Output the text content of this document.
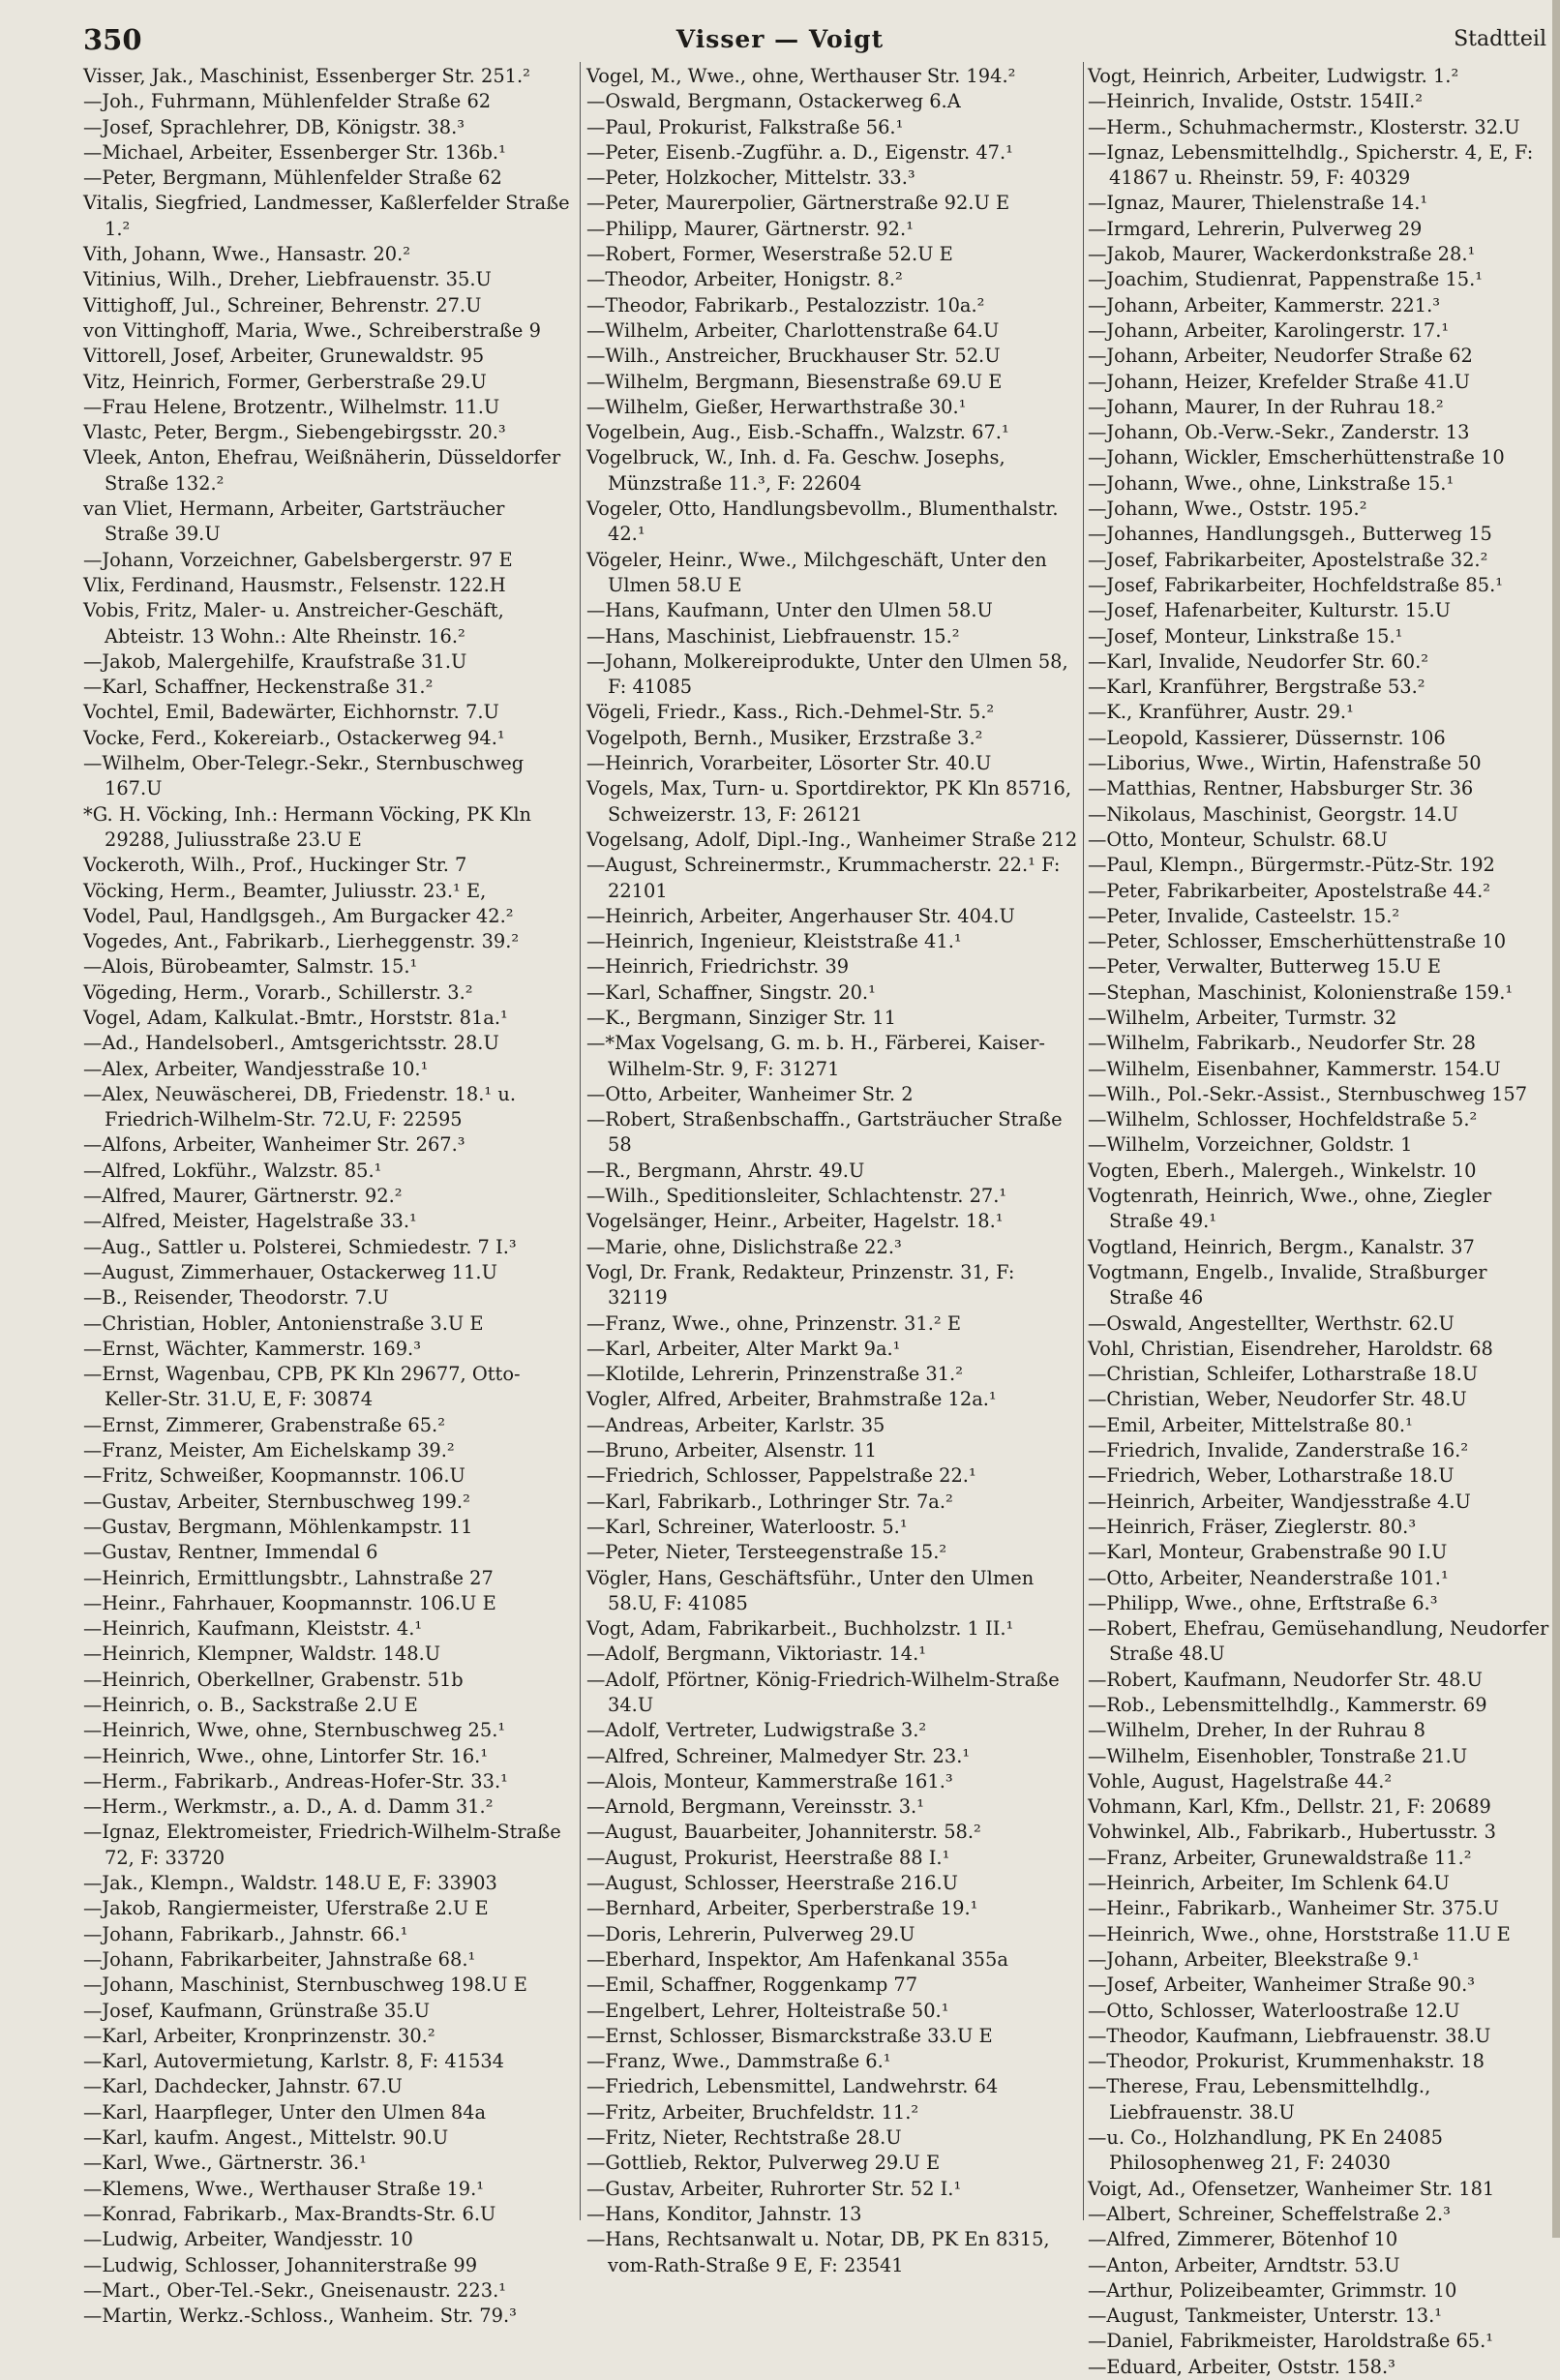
350	Visser — Voigt	Stadtteil

Visser, Jak., Maschinist, Essenberger Str. 251.²

—Joh., Fuhrmann, Mühlenfelder Straße 62

—Josef, Sprachlehrer, DB, Königstr. 38.³

—Michael, Arbeiter, Essenberger Str. 136b.¹

—Peter, Bergmann, Mühlenfelder Straße 62

Vitalis, Siegfried, Landmesser, Kaßlerfelder Straße 1.²

Vith, Johann, Wwe., Hansastr. 20.²

Vitinius, Wilh., Dreher, Liebfrauenstr. 35.U

Vittighoff, Jul., Schreiner, Behrenstr. 27.U

von Vittinghoff, Maria, Wwe., Schreiberstraße 9

Vittorell, Josef, Arbeiter, Grunewaldstr. 95

Vitz, Heinrich, Former, Gerberstraße 29.U

—Frau Helene, Brotzentr., Wilhelmstr. 11.U

Vlastc, Peter, Bergm., Siebengebirgsstr. 20.³

Vleek, Anton, Ehefrau, Weißnäherin, Düsseldorfer Straße 132.²

van Vliet, Hermann, Arbeiter, Gartsträucher Straße 39.U

—Johann, Vorzeichner, Gabelsbergerstr. 97 E

Vlix, Ferdinand, Hausmstr., Felsenstr. 122.H

Vobis, Fritz, Maler- u. Anstreicher-Geschäft, Abteistr. 13 Wohn.: Alte Rheinstr. 16.²

—Jakob, Malergehilfe, Kraufstraße 31.U

—Karl, Schaffner, Heckenstraße 31.²

Vochtel, Emil, Badewärter, Eichhornstr. 7.U

Vocke, Ferd., Kokereiarb., Ostackerweg 94.¹

—Wilhelm, Ober-Telegr.-Sekr., Sternbuschweg 167.U

*G. H. Vöcking, Inh.: Hermann Vöcking, PK Kln 29288, Juliusstraße 23.U E

Vockeroth, Wilh., Prof., Huckinger Str. 7

Vöcking, Herm., Beamter, Juliusstr. 23.¹ E,

Vodel, Paul, Handlgsgeh., Am Burgacker 42.²

Vogedes, Ant., Fabrikarb., Lierheggenstr. 39.²

—Alois, Bürobeamter, Salmstr. 15.¹

Vögeding, Herm., Vorarb., Schillerstr. 3.²

Vogel, Adam, Kalkulat.-Bmtr., Horststr. 81a.¹

—Ad., Handelsoberl., Amtsgerichtsstr. 28.U

—Alex, Arbeiter, Wandjesstraße 10.¹

—Alex, Neuwäscherei, DB, Friedenstr. 18.¹ u. Friedrich-Wilhelm-Str. 72.U, F: 22595

—Alfons, Arbeiter, Wanheimer Str. 267.³

—Alfred, Lokführ., Walzstr. 85.¹

—Alfred, Maurer, Gärtnerstr. 92.²

—Alfred, Meister, Hagelstraße 33.¹

—Aug., Sattler u. Polsterei, Schmiedestr. 7 I.³

—August, Zimmerhauer, Ostackerweg 11.U

—B., Reisender, Theodorstr. 7.U

—Christian, Hobler, Antonienstraße 3.U E

—Ernst, Wächter, Kammerstr. 169.³

—Ernst, Wagenbau, CPB, PK Kln 29677, Otto-Keller-Str. 31.U, E, F: 30874

—Ernst, Zimmerer, Grabenstraße 65.²

—Franz, Meister, Am Eichelskamp 39.²

—Fritz, Schweißer, Koopmannstr. 106.U

—Gustav, Arbeiter, Sternbuschweg 199.²

—Gustav, Bergmann, Möhlenkampstr. 11

—Gustav, Rentner, Immendal 6

—Heinrich, Ermittlungsbtr., Lahnstraße 27

—Heinr., Fahrhauer, Koopmannstr. 106.U E

—Heinrich, Kaufmann, Kleiststr. 4.¹

—Heinrich, Klempner, Waldstr. 148.U

—Heinrich, Oberkellner, Grabenstr. 51b

—Heinrich, o. B., Sackstraße 2.U E

—Heinrich, Wwe, ohne, Sternbuschweg 25.¹

—Heinrich, Wwe., ohne, Lintorfer Str. 16.¹

—Herm., Fabrikarb., Andreas-Hofer-Str. 33.¹

—Herm., Werkmstr., a. D., A. d. Damm 31.²

—Ignaz, Elektromeister, Friedrich-Wilhelm-Straße 72, F: 33720

—Jak., Klempn., Waldstr. 148.U E, F: 33903

—Jakob, Rangiermeister, Uferstraße 2.U E

—Johann, Fabrikarb., Jahnstr. 66.¹

—Johann, Fabrikarbeiter, Jahnstraße 68.¹

—Johann, Maschinist, Sternbuschweg 198.U E

—Josef, Kaufmann, Grünstraße 35.U

—Karl, Arbeiter, Kronprinzenstr. 30.²

—Karl, Autovermietung, Karlstr. 8, F: 41534

—Karl, Dachdecker, Jahnstr. 67.U

—Karl, Haarpfleger, Unter den Ulmen 84a

—Karl, kaufm. Angest., Mittelstr. 90.U

—Karl, Wwe., Gärtnerstr. 36.¹

—Klemens, Wwe., Werthauser Straße 19.¹

—Konrad, Fabrikarb., Max-Brandts-Str. 6.U

—Ludwig, Arbeiter, Wandjesstr. 10

—Ludwig, Schlosser, Johanniterstraße 99

—Mart., Ober-Tel.-Sekr., Gneisenaustr. 223.¹

—Martin, Werkz.-Schloss., Wanheim. Str. 79.³

Vogel, M., Wwe., ohne, Werthauser Str. 194.²

—Oswald, Bergmann, Ostackerweg 6.A

—Paul, Prokurist, Falkstraße 56.¹

—Peter, Eisenb.-Zugführ. a. D., Eigenstr. 47.¹

—Peter, Holzkocher, Mittelstr. 33.³

—Peter, Maurerpolier, Gärtnerstraße 92.U E

—Philipp, Maurer, Gärtnerstr. 92.¹

—Robert, Former, Weserstraße 52.U E

—Theodor, Arbeiter, Honigstr. 8.²

—Theodor, Fabrikarb., Pestalozzistr. 10a.²

—Wilhelm, Arbeiter, Charlottenstraße 64.U

—Wilh., Anstreicher, Bruckhauser Str. 52.U

—Wilhelm, Bergmann, Biesenstraße 69.U E

—Wilhelm, Gießer, Herwarthstraße 30.¹

Vogelbein, Aug., Eisb.-Schaffn., Walzstr. 67.¹

Vogelbruck, W., Inh. d. Fa. Geschw. Josephs, Münzstraße 11.³, F: 22604

Vogeler, Otto, Handlungsbevollm., Blumenthalstr. 42.¹

Vögeler, Heinr., Wwe., Milchgeschäft, Unter den Ulmen 58.U E

—Hans, Kaufmann, Unter den Ulmen 58.U

—Hans, Maschinist, Liebfrauenstr. 15.²

—Johann, Molkereiprodukte, Unter den Ulmen 58, F: 41085

Vögeli, Friedr., Kass., Rich.-Dehmel-Str. 5.²

Vogelpoth, Bernh., Musiker, Erzstraße 3.²

—Heinrich, Vorarbeiter, Lösorter Str. 40.U

Vogels, Max, Turn- u. Sportdirektor, PK Kln 85716, Schweizerstr. 13, F: 26121

Vogelsang, Adolf, Dipl.-Ing., Wanheimer Straße 212

—August, Schreinermstr., Krummacherstr. 22.¹ F: 22101

—Heinrich, Arbeiter, Angerhauser Str. 404.U

—Heinrich, Ingenieur, Kleiststraße 41.¹

—Heinrich, Friedrichstr. 39

—Karl, Schaffner, Singstr. 20.¹

—K., Bergmann, Sinziger Str. 11

—*Max Vogelsang, G. m. b. H., Färberei, Kaiser-Wilhelm-Str. 9, F: 31271

—Otto, Arbeiter, Wanheimer Str. 2

—Robert, Straßenbschaffn., Gartsträucher Straße 58

—R., Bergmann, Ahrstr. 49.U

—Wilh., Speditionsleiter, Schlachtenstr. 27.¹

Vogelsänger, Heinr., Arbeiter, Hagelstr. 18.¹

—Marie, ohne, Dislichstraße 22.³

Vogl, Dr. Frank, Redakteur, Prinzenstr. 31, F: 32119

—Franz, Wwe., ohne, Prinzenstr. 31.² E

—Karl, Arbeiter, Alter Markt 9a.¹

—Klotilde, Lehrerin, Prinzenstraße 31.²

Vogler, Alfred, Arbeiter, Brahmstraße 12a.¹

—Andreas, Arbeiter, Karlstr. 35

—Bruno, Arbeiter, Alsenstr. 11

—Friedrich, Schlosser, Pappelstraße 22.¹

—Karl, Fabrikarb., Lothringer Str. 7a.²

—Karl, Schreiner, Waterloostr. 5.¹

—Peter, Nieter, Tersteegenstraße 15.²

Vögler, Hans, Geschäftsführ., Unter den Ulmen 58.U, F: 41085

Vogt, Adam, Fabrikarbeit., Buchholzstr. 1 II.¹

—Adolf, Bergmann, Viktoriastr. 14.¹

—Adolf, Pförtner, König-Friedrich-Wilhelm-Straße 34.U

—Adolf, Vertreter, Ludwigstraße 3.²

—Alfred, Schreiner, Malmedyer Str. 23.¹

—Alois, Monteur, Kammerstraße 161.³

—Arnold, Bergmann, Vereinsstr. 3.¹

—August, Bauarbeiter, Johanniterstr. 58.²

—August, Prokurist, Heerstraße 88 I.¹

—August, Schlosser, Heerstraße 216.U

—Bernhard, Arbeiter, Sperberstraße 19.¹

—Doris, Lehrerin, Pulverweg 29.U

—Eberhard, Inspektor, Am Hafenkanal 355a

—Emil, Schaffner, Roggenkamp 77

—Engelbert, Lehrer, Holteistraße 50.¹

—Ernst, Schlosser, Bismarckstraße 33.U E

—Franz, Wwe., Dammstraße 6.¹

—Friedrich, Lebensmittel, Landwehrstr. 64

—Fritz, Arbeiter, Bruchfeldstr. 11.²

—Fritz, Nieter, Rechtstraße 28.U

—Gottlieb, Rektor, Pulverweg 29.U E

—Gustav, Arbeiter, Ruhrorter Str. 52 I.¹

—Hans, Konditor, Jahnstr. 13

—Hans, Rechtsanwalt u. Notar, DB, PK En 8315, vom-Rath-Straße 9 E, F: 23541

Vogt, Heinrich, Arbeiter, Ludwigstr. 1.²

—Heinrich, Invalide, Oststr. 154II.²

—Herm., Schuhmachermstr., Klosterstr. 32.U

—Ignaz, Lebensmittelhdlg., Spicherstr. 4, E, F: 41867 u. Rheinstr. 59, F: 40329

—Ignaz, Maurer, Thielenstraße 14.¹

—Irmgard, Lehrerin, Pulverweg 29

—Jakob, Maurer, Wackerdonkstraße 28.¹

—Joachim, Studienrat, Pappenstraße 15.¹

—Johann, Arbeiter, Kammerstr. 221.³

—Johann, Arbeiter, Karolingerstr. 17.¹

—Johann, Arbeiter, Neudorfer Straße 62

—Johann, Heizer, Krefelder Straße 41.U

—Johann, Maurer, In der Ruhrau 18.²

—Johann, Ob.-Verw.-Sekr., Zanderstr. 13

—Johann, Wickler, Emscherhüttenstraße 10

—Johann, Wwe., ohne, Linkstraße 15.¹

—Johann, Wwe., Oststr. 195.²

—Johannes, Handlungsgeh., Butterweg 15

—Josef, Fabrikarbeiter, Apostelstraße 32.²

—Josef, Fabrikarbeiter, Hochfeldstraße 85.¹

—Josef, Hafenarbeiter, Kulturstr. 15.U

—Josef, Monteur, Linkstraße 15.¹

—Karl, Invalide, Neudorfer Str. 60.²

—Karl, Kranführer, Bergstraße 53.²

—K., Kranführer, Austr. 29.¹

—Leopold, Kassierer, Düssernstr. 106

—Liborius, Wwe., Wirtin, Hafenstraße 50

—Matthias, Rentner, Habsburger Str. 36

—Nikolaus, Maschinist, Georgstr. 14.U

—Otto, Monteur, Schulstr. 68.U

—Paul, Klempn., Bürgermstr.-Pütz-Str. 192

—Peter, Fabrikarbeiter, Apostelstraße 44.²

—Peter, Invalide, Casteelstr. 15.²

—Peter, Schlosser, Emscherhüttenstraße 10

—Peter, Verwalter, Butterweg 15.U E

—Stephan, Maschinist, Kolonienstraße 159.¹

—Wilhelm, Arbeiter, Turmstr. 32

—Wilhelm, Fabrikarb., Neudorfer Str. 28

—Wilhelm, Eisenbahner, Kammerstr. 154.U

—Wilh., Pol.-Sekr.-Assist., Sternbuschweg 157

—Wilhelm, Schlosser, Hochfeldstraße 5.²

—Wilhelm, Vorzeichner, Goldstr. 1

Vogten, Eberh., Malergeh., Winkelstr. 10

Vogtenrath, Heinrich, Wwe., ohne, Ziegler Straße 49.¹

Vogtland, Heinrich, Bergm., Kanalstr. 37

Vogtmann, Engelb., Invalide, Straßburger Straße 46

—Oswald, Angestellter, Werthstr. 62.U

Vohl, Christian, Eisendreher, Haroldstr. 68

—Christian, Schleifer, Lotharstraße 18.U

—Christian, Weber, Neudorfer Str. 48.U

—Emil, Arbeiter, Mittelstraße 80.¹

—Friedrich, Invalide, Zanderstraße 16.²

—Friedrich, Weber, Lotharstraße 18.U

—Heinrich, Arbeiter, Wandjesstraße 4.U

—Heinrich, Fräser, Zieglerstr. 80.³

—Karl, Monteur, Grabenstraße 90 I.U

—Otto, Arbeiter, Neanderstraße 101.¹

—Philipp, Wwe., ohne, Erftstraße 6.³

—Robert, Ehefrau, Gemüsehandlung, Neudorfer Straße 48.U

—Robert, Kaufmann, Neudorfer Str. 48.U

—Rob., Lebensmittelhdlg., Kammerstr. 69

—Wilhelm, Dreher, In der Ruhrau 8

—Wilhelm, Eisenhobler, Tonstraße 21.U

Vohle, August, Hagelstraße 44.²

Vohmann, Karl, Kfm., Dellstr. 21, F: 20689

Vohwinkel, Alb., Fabrikarb., Hubertusstr. 3

—Franz, Arbeiter, Grunewaldstraße 11.²

—Heinrich, Arbeiter, Im Schlenk 64.U

—Heinr., Fabrikarb., Wanheimer Str. 375.U

—Heinrich, Wwe., ohne, Horststraße 11.U E

—Johann, Arbeiter, Bleekstraße 9.¹

—Josef, Arbeiter, Wanheimer Straße 90.³

—Otto, Schlosser, Waterloostraße 12.U

—Theodor, Kaufmann, Liebfrauenstr. 38.U

—Theodor, Prokurist, Krummenhakstr. 18

—Therese, Frau, Lebensmittelhdlg., Liebfrauenstr. 38.U

—u. Co., Holzhandlung, PK En 24085 Philosophenweg 21, F: 24030

Voigt, Ad., Ofensetzer, Wanheimer Str. 181

—Albert, Schreiner, Scheffelstraße 2.³

—Alfred, Zimmerer, Bötenhof 10

—Anton, Arbeiter, Arndtstr. 53.U

—Arthur, Polizeibeamter, Grimmstr. 10

—August, Tankmeister, Unterstr. 13.¹

—Daniel, Fabrikmeister, Haroldstraße 65.¹

—Eduard, Arbeiter, Oststr. 158.³
